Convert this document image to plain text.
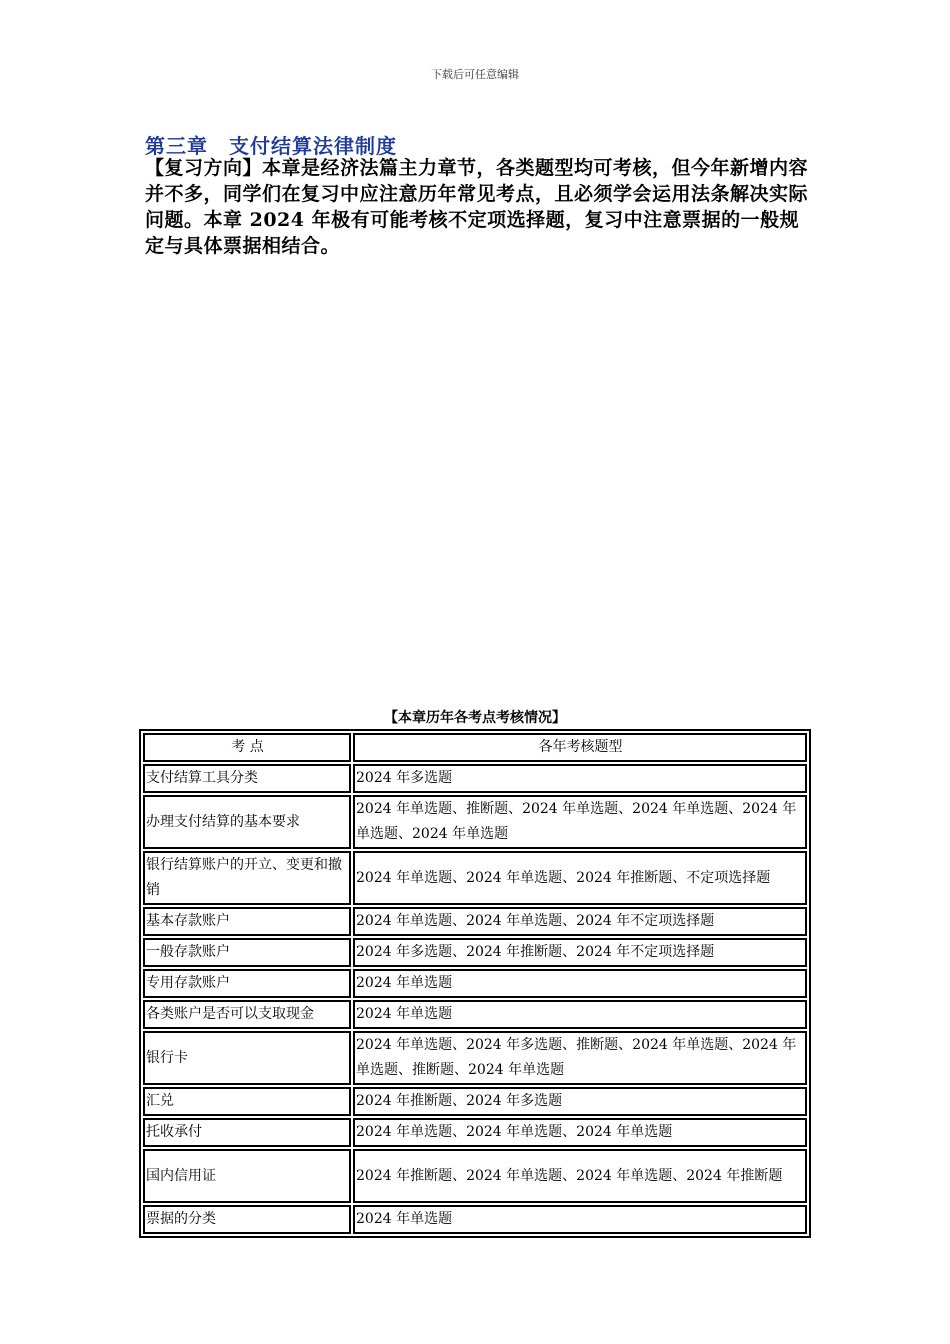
下载后可任意编辑
第三章　支付结算法律制度
【复习方向】本章是经济法篇主力章节，各类题型均可考核，但今年新增内容并不多，同学们在复习中应注意历年常见考点，且必须学会运用法条解决实际问题。本章 2024 年极有可能考核不定项选择题，复习中注意票据的一般规定与具体票据相结合。
【本章历年各考点考核情况】
考 点	各年考核题型
支付结算工具分类	2024 年多选题
办理支付结算的基本要求	2024 年单选题、推断题、2024 年单选题、2024 年单选题、2024 年单选题、2024 年单选题
银行结算账户的开立、变更和撤销	2024 年单选题、2024 年单选题、2024 年推断题、不定项选择题
基本存款账户	2024 年单选题、2024 年单选题、2024 年不定项选择题
一般存款账户	2024 年多选题、2024 年推断题、2024 年不定项选择题
专用存款账户	2024 年单选题
各类账户是否可以支取现金	2024 年单选题
银行卡	2024 年单选题、2024 年多选题、推断题、2024 年单选题、2024 年单选题、推断题、2024 年单选题
汇兑	2024 年推断题、2024 年多选题
托收承付	2024 年单选题、2024 年单选题、2024 年单选题
国内信用证	2024 年推断题、2024 年单选题、2024 年单选题、2024 年推断题
票据的分类	2024 年单选题
